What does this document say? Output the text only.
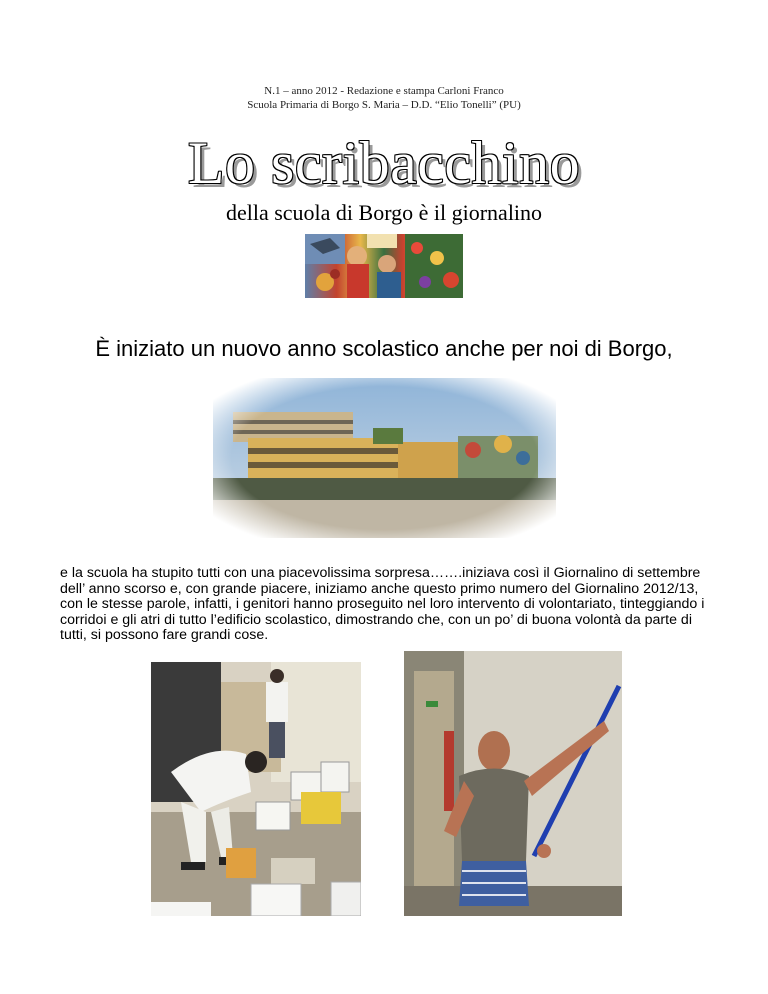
N.1 – anno 2012 - Redazione e stampa Carloni Franco
Scuola Primaria di Borgo S. Maria – D.D. “Elio Tonelli” (PU)
Lo scribacchino
della scuola di Borgo è il giornalino
È iniziato un nuovo anno scolastico anche per noi di Borgo,
e la scuola ha stupito tutti con una piacevolissima sorpresa…….iniziava così il Giornalino di settembre dell’ anno scorso e, con grande piacere, iniziamo anche questo primo numero del Giornalino 2012/13, con le stesse parole, infatti, i genitori hanno proseguito nel loro intervento di volontariato, tinteggiando i corridoi e gli atri di tutto l’edificio scolastico, dimostrando che, con un po’ di buona volontà da parte di tutti, si possono fare grandi cose.
